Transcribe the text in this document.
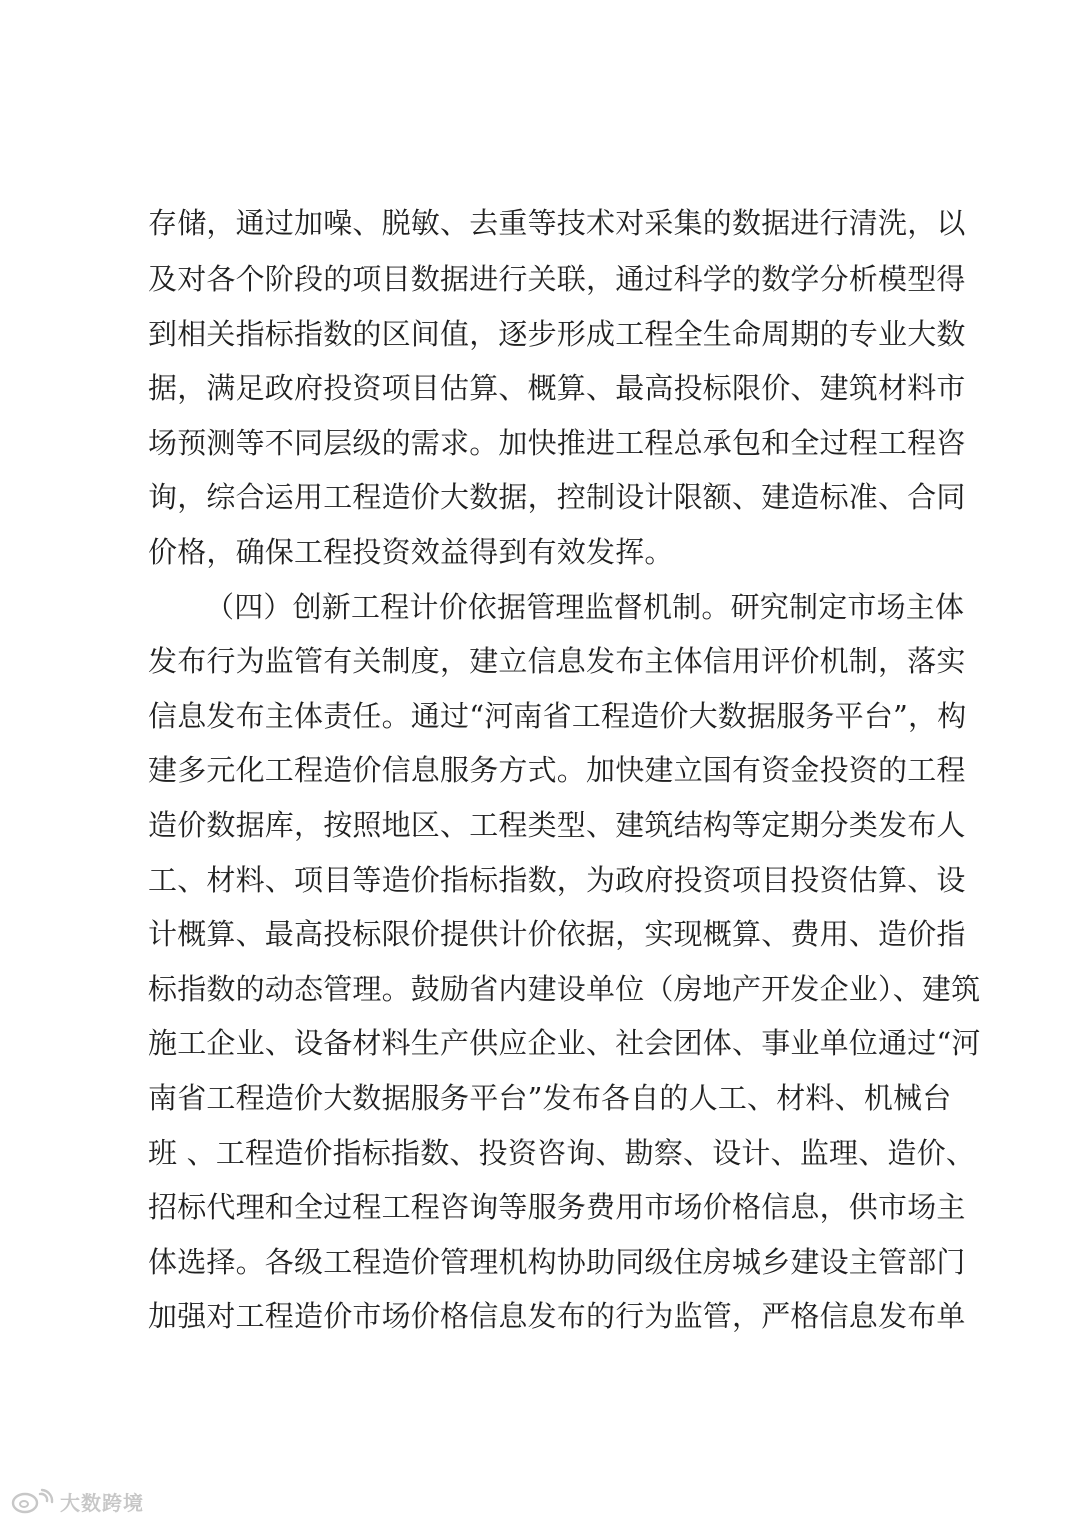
存储，通过加噪、脱敏、去重等技术对采集的数据进行清洗，以
及对各个阶段的项目数据进行关联，通过科学的数学分析模型得
到相关指标指数的区间值，逐步形成工程全生命周期的专业大数
据，满足政府投资项目估算、概算、最高投标限价、建筑材料市
场预测等不同层级的需求。加快推进工程总承包和全过程工程咨
询，综合运用工程造价大数据，控制设计限额、建造标准、合同
价格，确保工程投资效益得到有效发挥。
（四）创新工程计价依据管理监督机制。研究制定市场主体
发布行为监管有关制度，建立信息发布主体信用评价机制，落实
信息发布主体责任。通过“河南省工程造价大数据服务平台”，构
建多元化工程造价信息服务方式。加快建立国有资金投资的工程
造价数据库，按照地区、工程类型、建筑结构等定期分类发布人
工、材料、项目等造价指标指数，为政府投资项目投资估算、设
计概算、最高投标限价提供计价依据，实现概算、费用、造价指
标指数的动态管理。鼓励省内建设单位（房地产开发企业）、建筑
施工企业、设备材料生产供应企业、社会团体、事业单位通过“河
南省工程造价大数据服务平台”发布各自的人工、材料、机械台
班 、工程造价指标指数、投资咨询、勘察、设计、监理、造价、
招标代理和全过程工程咨询等服务费用市场价格信息，供市场主
体选择。各级工程造价管理机构协助同级住房城乡建设主管部门
加强对工程造价市场价格信息发布的行为监管，严格信息发布单
大数跨境
